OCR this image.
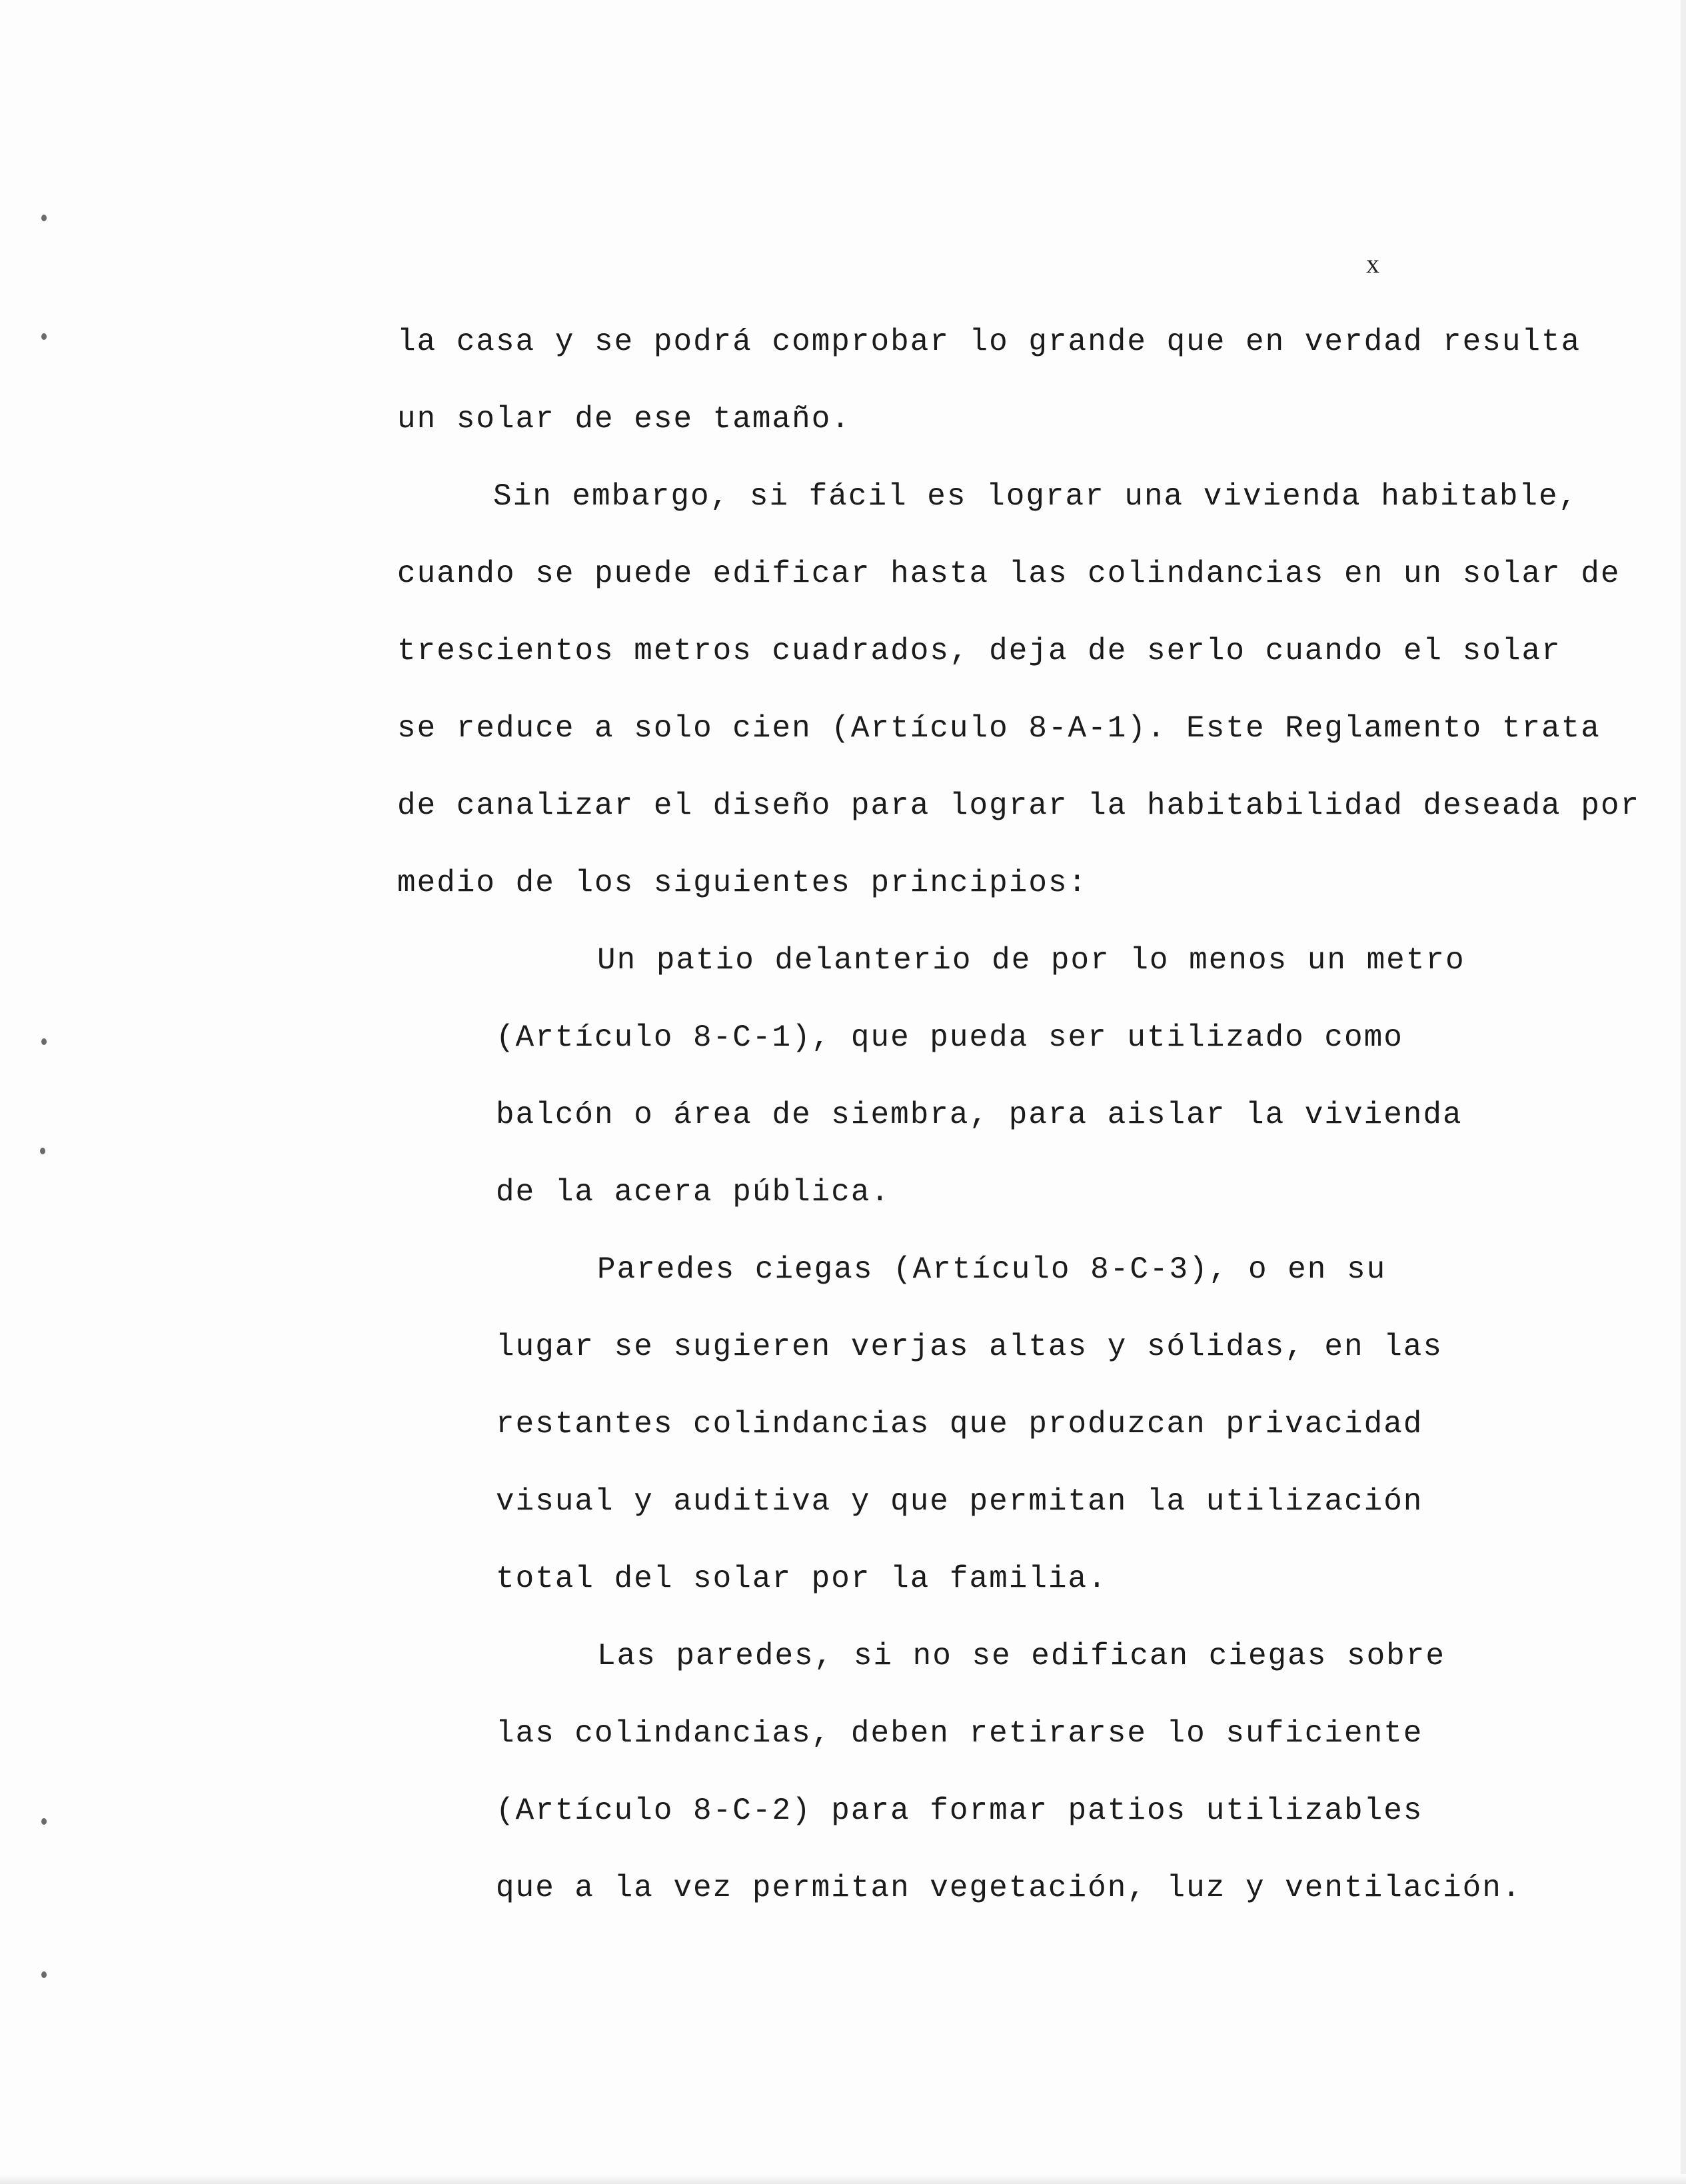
x
la casa y se podrá comprobar lo grande que en verdad resulta
un solar de ese tamaño.
Sin embargo, si fácil es lograr una vivienda habitable,
cuando se puede edificar hasta las colindancias en un solar de
trescientos metros cuadrados, deja de serlo cuando el solar
se reduce a solo cien (Artículo 8-A-1). Este Reglamento trata
de canalizar el diseño para lograr la habitabilidad deseada por
medio de los siguientes principios:
Un patio delanterio de por lo menos un metro
(Artículo 8-C-1), que pueda ser utilizado como
balcón o área de siembra, para aislar la vivienda
de la acera pública.
Paredes ciegas (Artículo 8-C-3), o en su
lugar se sugieren verjas altas y sólidas, en las
restantes colindancias que produzcan privacidad
visual y auditiva y que permitan la utilización
total del solar por la familia.
Las paredes, si no se edifican ciegas sobre
las colindancias, deben retirarse lo suficiente
(Artículo 8-C-2) para formar patios utilizables
que a la vez permitan vegetación, luz y ventilación.
